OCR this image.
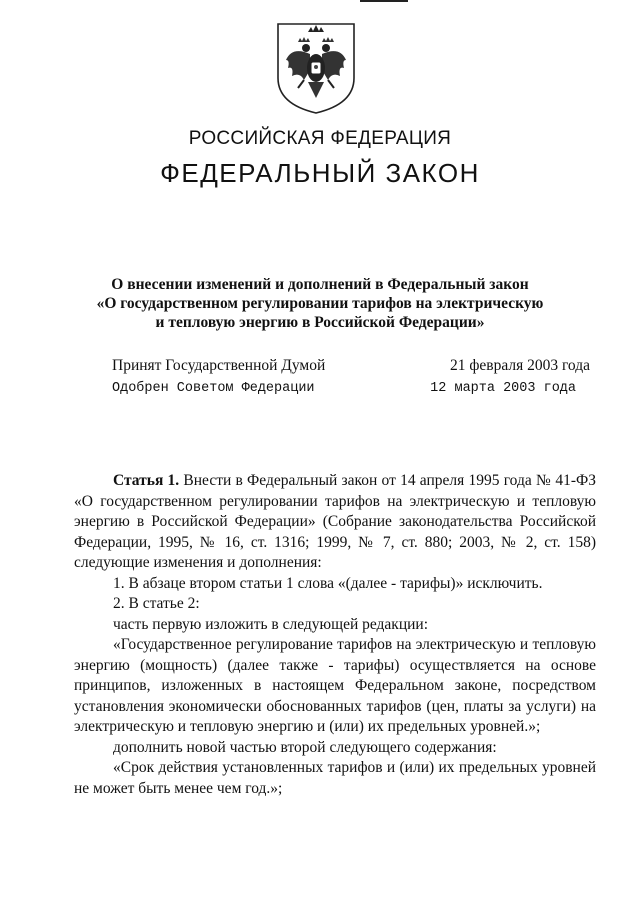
РОССИЙСКАЯ ФЕДЕРАЦИЯ
ФЕДЕРАЛЬНЫЙ ЗАКОН
О внесении изменений и дополнений в Федеральный закон
«О государственном регулировании тарифов на электрическую
и тепловую энергию в Российской Федерации»
Принят Государственной Думой	21 февраля 2003 года
Одобрен Советом Федерации	12 марта 2003 года

Статья 1. Внести в Федеральный закон от 14 апреля 1995 года № 41-ФЗ «О государственном регулировании тарифов на электрическую и тепловую энергию в Российской Федерации» (Собрание законодательства Российской Федерации, 1995, № 16, ст. 1316; 1999, № 7, ст. 880; 2003, № 2, ст. 158) следующие изменения и дополнения:

1. В абзаце втором статьи 1 слова «(далее - тарифы)» исключить.

2. В статье 2:

часть первую изложить в следующей редакции:

«Государственное регулирование тарифов на электрическую и тепловую энергию (мощность) (далее также - тарифы) осуществляется на основе принципов, изложенных в настоящем Федеральном законе, посредством установления экономически обоснованных тарифов (цен, платы за услуги) на электрическую и тепловую энергию и (или) их предельных уровней.»;

дополнить новой частью второй следующего содержания:

«Срок действия установленных тарифов и (или) их предельных уровней не может быть менее чем год.»;
